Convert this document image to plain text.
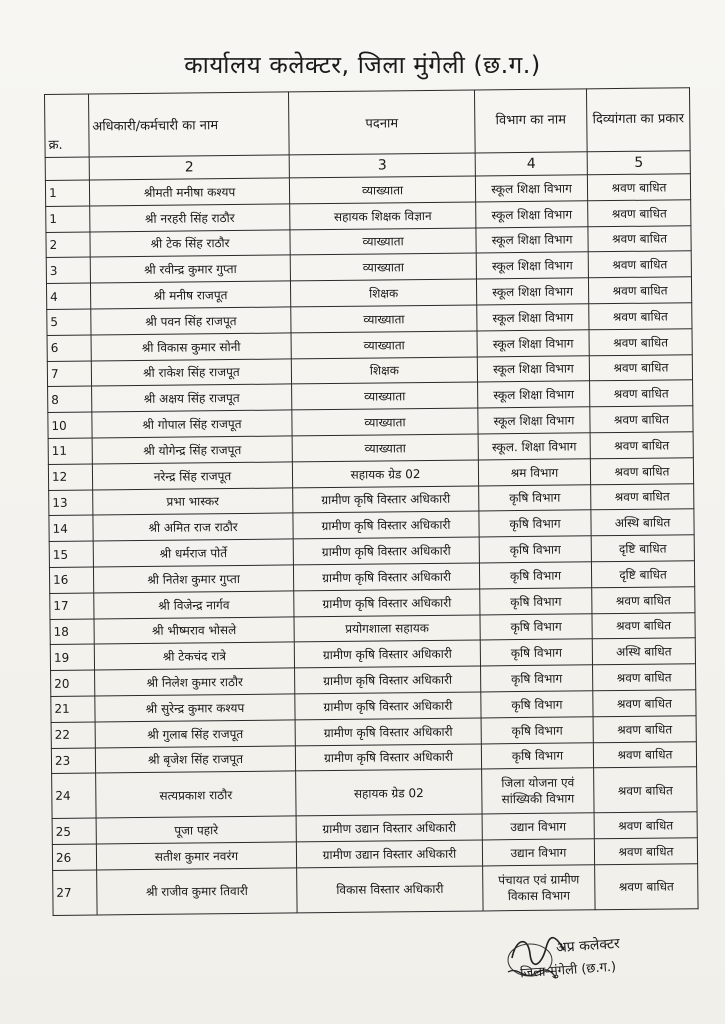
कार्यालय कलेक्टर, जिला मुंगेली (छ.ग.)
क्र.	अधिकारी/कर्मचारी का नाम	पदनाम	विभाग का नाम	दिव्यांगता का प्रकार
	2	3	4	5
1	श्रीमती मनीषा कश्यप	व्याख्याता	स्कूल शिक्षा विभाग	श्रवण बाधित
1	श्री नरहरी सिंह राठौर	सहायक शिक्षक विज्ञान	स्कूल शिक्षा विभाग	श्रवण बाधित
2	श्री टेक सिंह राठौर	व्याख्याता	स्कूल शिक्षा विभाग	श्रवण बाधित
3	श्री रवीन्द्र कुमार गुप्ता	व्याख्याता	स्कूल शिक्षा विभाग	श्रवण बाधित
4	श्री मनीष राजपूत	शिक्षक	स्कूल शिक्षा विभाग	श्रवण बाधित
5	श्री पवन सिंह राजपूत	व्याख्याता	स्कूल शिक्षा विभाग	श्रवण बाधित
6	श्री विकास कुमार सोनी	व्याख्याता	स्कूल शिक्षा विभाग	श्रवण बाधित
7	श्री राकेश सिंह राजपूत	शिक्षक	स्कूल शिक्षा विभाग	श्रवण बाधित
8	श्री अक्षय सिंह राजपूत	व्याख्याता	स्कूल शिक्षा विभाग	श्रवण बाधित
10	श्री गोपाल सिंह राजपूत	व्याख्याता	स्कूल शिक्षा विभाग	श्रवण बाधित
11	श्री योगेन्द्र सिंह राजपूत	व्याख्याता	स्कूल. शिक्षा विभाग	श्रवण बाधित
12	नरेन्द्र सिंह राजपूत	सहायक ग्रेड 02	श्रम विभाग	श्रवण बाधित
13	प्रभा भास्कर	ग्रामीण कृषि विस्तार अधिकारी	कृषि विभाग	श्रवण बाधित
14	श्री अमित राज राठौर	ग्रामीण कृषि विस्तार अधिकारी	कृषि विभाग	अस्थि बाधित
15	श्री धर्मराज पोर्ते	ग्रामीण कृषि विस्तार अधिकारी	कृषि विभाग	दृष्टि बाधित
16	श्री नितेश कुमार गुप्ता	ग्रामीण कृषि विस्तार अधिकारी	कृषि विभाग	दृष्टि बाधित
17	श्री विजेन्द्र नार्गव	ग्रामीण कृषि विस्तार अधिकारी	कृषि विभाग	श्रवण बाधित
18	श्री भीष्मराव भोसले	प्रयोगशाला सहायक	कृषि विभाग	श्रवण बाधित
19	श्री टेकचंद रात्रे	ग्रामीण कृषि विस्तार अधिकारी	कृषि विभाग	अस्थि बाधित
20	श्री निलेश कुमार राठौर	ग्रामीण कृषि विस्तार अधिकारी	कृषि विभाग	श्रवण बाधित
21	श्री सुरेन्द्र कुमार कश्यप	ग्रामीण कृषि विस्तार अधिकारी	कृषि विभाग	श्रवण बाधित
22	श्री गुलाब सिंह राजपूत	ग्रामीण कृषि विस्तार अधिकारी	कृषि विभाग	श्रवण बाधित
23	श्री बृजेश सिंह राजपूत	ग्रामीण कृषि विस्तार अधिकारी	कृषि विभाग	श्रवण बाधित
24	सत्यप्रकाश राठौर	सहायक ग्रेड 02	जिला योजना एवं सांख्यिकी विभाग	श्रवण बाधित
25	पूजा पहारे	ग्रामीण उद्यान विस्तार अधिकारी	उद्यान विभाग	श्रवण बाधित
26	सतीश कुमार नवरंग	ग्रामीण उद्यान विस्तार अधिकारी	उद्यान विभाग	श्रवण बाधित
27	श्री राजीव कुमार तिवारी	विकास विस्तार अधिकारी	पंचायत एवं ग्रामीण विकास विभाग	श्रवण बाधित
अप्र कलेक्टर
जिला-मुंगेली (छ.ग.)
